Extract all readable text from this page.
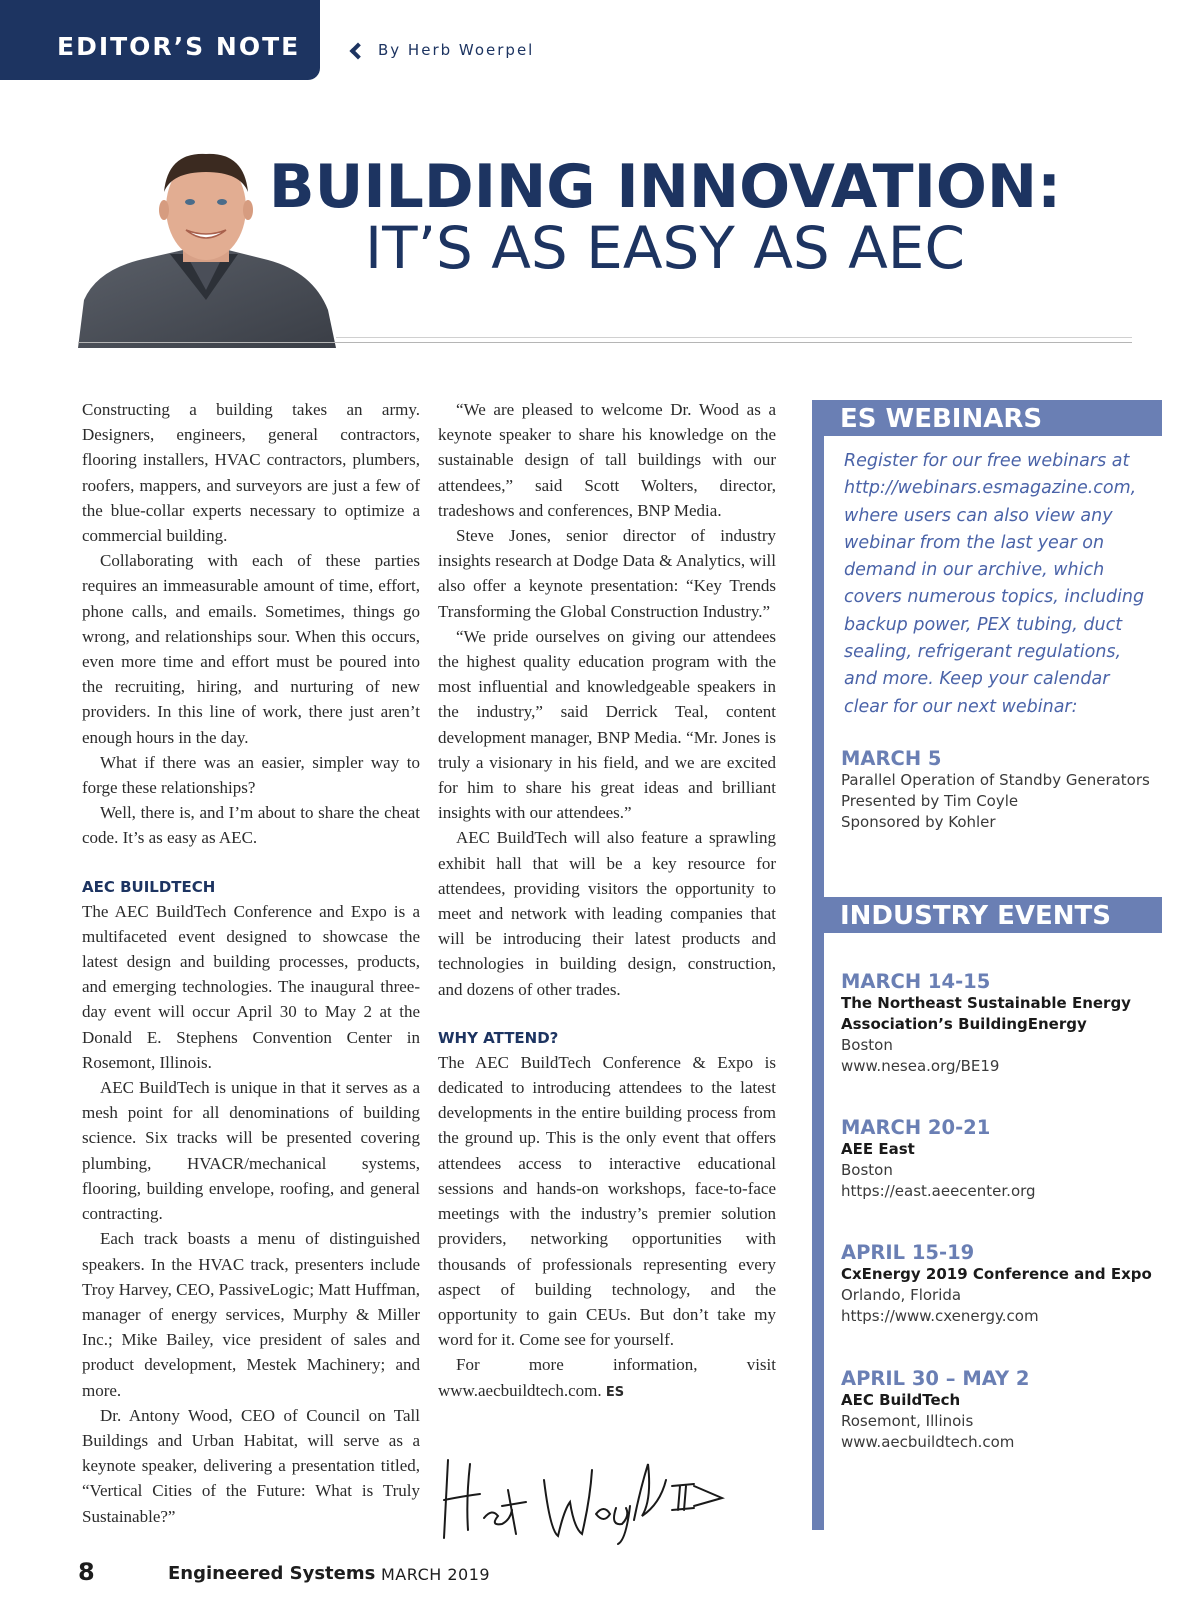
EDITOR’S NOTE	By Herb Woerpel
BUILDING INNOVATION:
IT’S AS EASY AS AEC

Constructing a building takes an army. Designers, engineers, general contractors, flooring installers, HVAC contractors, plumbers, roofers, mappers, and surveyors are just a few of the blue-collar experts necessary to optimize a commercial building.

Collaborating with each of these parties requires an immeasurable amount of time, effort, phone calls, and emails. Sometimes, things go wrong, and relationships sour. When this occurs, even more time and effort must be poured into the recruiting, hiring, and nurturing of new providers. In this line of work, there just aren’t enough hours in the day.

What if there was an easier, simpler way to forge these relationships?

Well, there is, and I’m about to share the cheat code. It’s as easy as AEC.

AEC BUILDTECH

The AEC BuildTech Conference and Expo is a multifaceted event designed to showcase the latest design and building processes, products, and emerging technologies. The inaugural three-day event will occur April 30 to May 2 at the Donald E. Stephens Convention Center in Rosemont, Illinois.

AEC BuildTech is unique in that it serves as a mesh point for all denominations of building science. Six tracks will be presented covering plumbing, HVACR/mechanical systems, flooring, building envelope, roofing, and general contracting.

Each track boasts a menu of distinguished speakers. In the HVAC track, presenters include Troy Harvey, CEO, PassiveLogic; Matt Huffman, manager of energy services, Murphy & Miller Inc.; Mike Bailey, vice president of sales and product development, Mestek Machinery; and more.

Dr. Antony Wood, CEO of Council on Tall Buildings and Urban Habitat, will serve as a keynote speaker, delivering a presentation titled, “Vertical Cities of the Future: What is Truly Sustainable?”

“We are pleased to welcome Dr. Wood as a keynote speaker to share his knowledge on the sustainable design of tall buildings with our attendees,” said Scott Wolters, director, tradeshows and conferences, BNP Media.

Steve Jones, senior director of industry insights research at Dodge Data & Analytics, will also offer a keynote presentation: “Key Trends Transforming the Global Construction Industry.”

“We pride ourselves on giving our attendees the highest quality education program with the most influential and knowledgeable speakers in the industry,” said Derrick Teal, content development manager, BNP Media. “Mr. Jones is truly a visionary in his field, and we are excited for him to share his great ideas and brilliant insights with our attendees.”

AEC BuildTech will also feature a sprawling exhibit hall that will be a key resource for attendees, providing visitors the opportunity to meet and network with leading companies that will be introducing their latest products and technologies in building design, construction, and dozens of other trades.

WHY ATTEND?

The AEC BuildTech Conference & Expo is dedicated to introducing attendees to the latest developments in the entire building process from the ground up. This is the only event that offers attendees access to interactive educational sessions and hands-on workshops, face-to-face meetings with the industry’s premier solution providers, networking opportunities with thousands of professionals representing every aspect of building technology, and the opportunity to gain CEUs. But don’t take my word for it. Come see for yourself.

For more information, visit www.aecbuildtech.com. ES

ES WEBINARS
Register for our free webinars at http://webinars.esmagazine.com, where users can also view any webinar from the last year on demand in our archive, which covers numerous topics, including backup power, PEX tubing, duct sealing, refrigerant regulations, and more. Keep your calendar clear for our next webinar:
MARCH 5
Parallel Operation of Standby Generators
Presented by Tim Coyle
Sponsored by Kohler
INDUSTRY EVENTS
MARCH 14-15
The Northeast Sustainable Energy Association’s BuildingEnergy
Boston
www.nesea.org/BE19
MARCH 20-21
AEE East
Boston
https://east.aeecenter.org
APRIL 15-19
CxEnergy 2019 Conference and Expo
Orlando, Florida
https://www.cxenergy.com
APRIL 30 – MAY 2
AEC BuildTech
Rosemont, Illinois
www.aecbuildtech.com
8	Engineered Systems MARCH 2019
